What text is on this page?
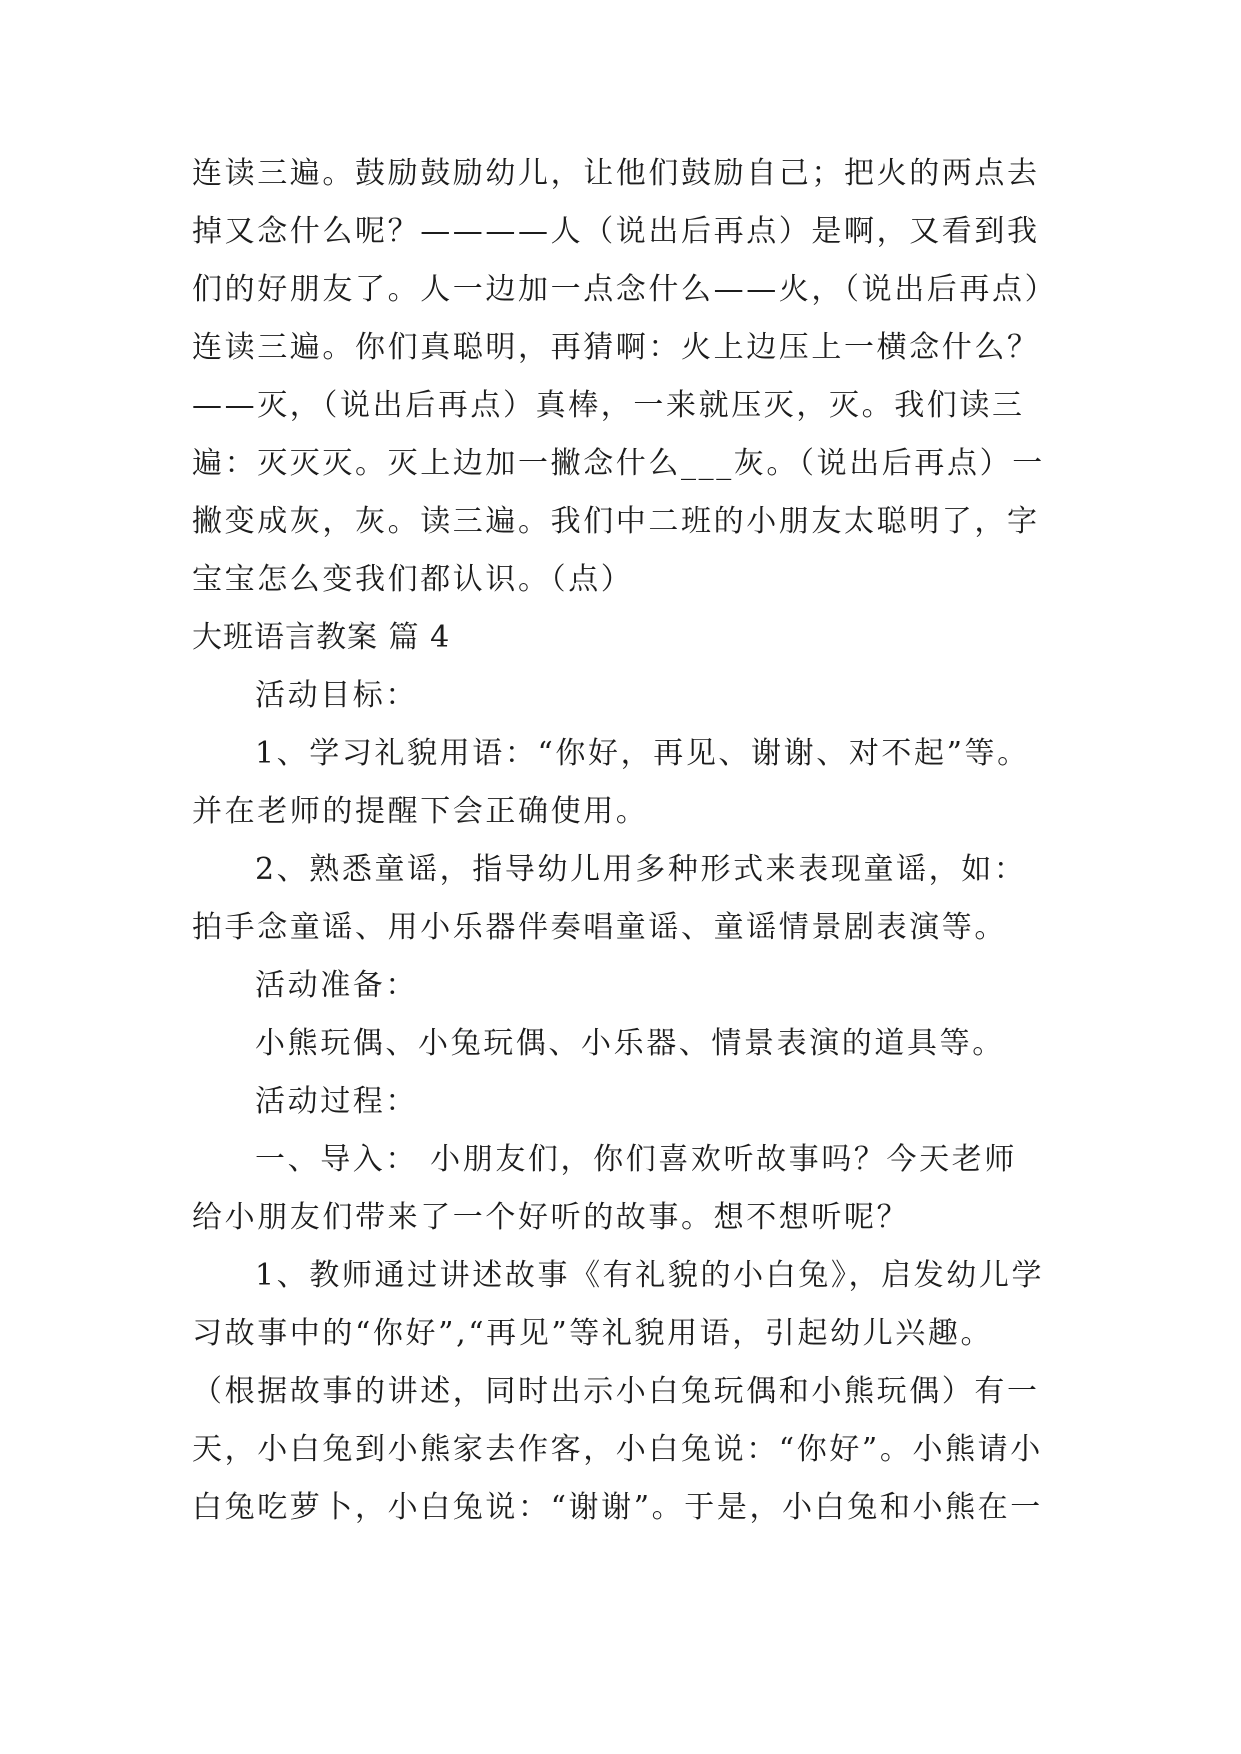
连读三遍。鼓励鼓励幼儿，让他们鼓励自己；把火的两点去
掉又念什么呢？————人（说出后再点）是啊，又看到我
们的好朋友了。人一边加一点念什么——火，（说出后再点）
连读三遍。你们真聪明，再猜啊：火上边压上一横念什么？
——灭，（说出后再点）真棒，一来就压灭，灭。我们读三
遍：灭灭灭。灭上边加一撇念什么___灰。（说出后再点）一
撇变成灰，灰。读三遍。我们中二班的小朋友太聪明了，字
宝宝怎么变我们都认识。（点）
大班语言教案 篇 4
活动目标：
1、学习礼貌用语：“你好，再见、谢谢、对不起”等。
并在老师的提醒下会正确使用。
2、熟悉童谣，指导幼儿用多种形式来表现童谣，如：
拍手念童谣、用小乐器伴奏唱童谣、童谣情景剧表演等。
活动准备：
小熊玩偶、小兔玩偶、小乐器、情景表演的道具等。
活动过程：
一、导入： 小朋友们，你们喜欢听故事吗？今天老师
给小朋友们带来了一个好听的故事。想不想听呢？
1、教师通过讲述故事《有礼貌的小白兔》，启发幼儿学
习故事中的“你好”,“再见”等礼貌用语，引起幼儿兴趣。
（根据故事的讲述，同时出示小白兔玩偶和小熊玩偶）有一
天，小白兔到小熊家去作客，小白兔说：“你好”。小熊请小
白兔吃萝卜，小白兔说：“谢谢”。于是，小白兔和小熊在一
